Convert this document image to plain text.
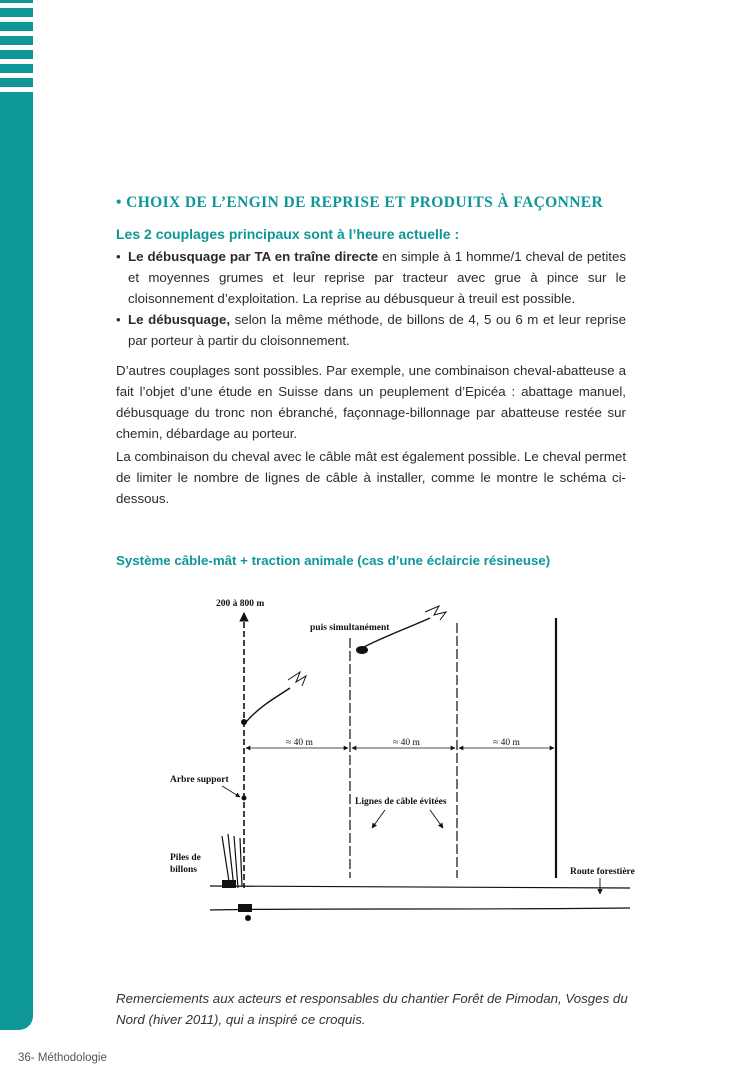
• CHOIX DE L’ENGIN DE REPRISE ET PRODUITS À FAÇONNER
Les 2 couplages principaux sont à l’heure actuelle :
• Le débusquage par TA en traîne directe en simple à 1 homme/1 cheval de petites et moyennes grumes et leur reprise par tracteur avec grue à pince sur le cloisonnement d’exploitation. La reprise au débusqueur à treuil est possible.
• Le débusquage, selon la même méthode, de billons de 4, 5 ou 6 m et leur reprise par porteur à partir du cloisonnement.

D’autres couplages sont possibles. Par exemple, une combinaison cheval-abatteuse a fait l’objet d’une étude en Suisse dans un peuplement d’Epicéa : abattage manuel, débusquage du tronc non ébranché, façonnage-billonnage par abatteuse restée sur chemin, débardage au porteur.

La combinaison du cheval avec le câble mât est également possible. Le cheval permet de limiter le nombre de lignes de câble à installer, comme le montre le schéma ci-dessous.

Système câble-mât + traction animale (cas d’une éclaircie résineuse)
200 à 800 m
puis simultanément
≈ 40 m	≈ 40 m	≈ 40 m
Arbre support
Lignes de câble évitées
Piles de
billons	Route forestière

Remerciements aux acteurs et responsables du chantier Forêt de Pimodan, Vosges du Nord (hiver 2011), qui a inspiré ce croquis.

36- Méthodologie
